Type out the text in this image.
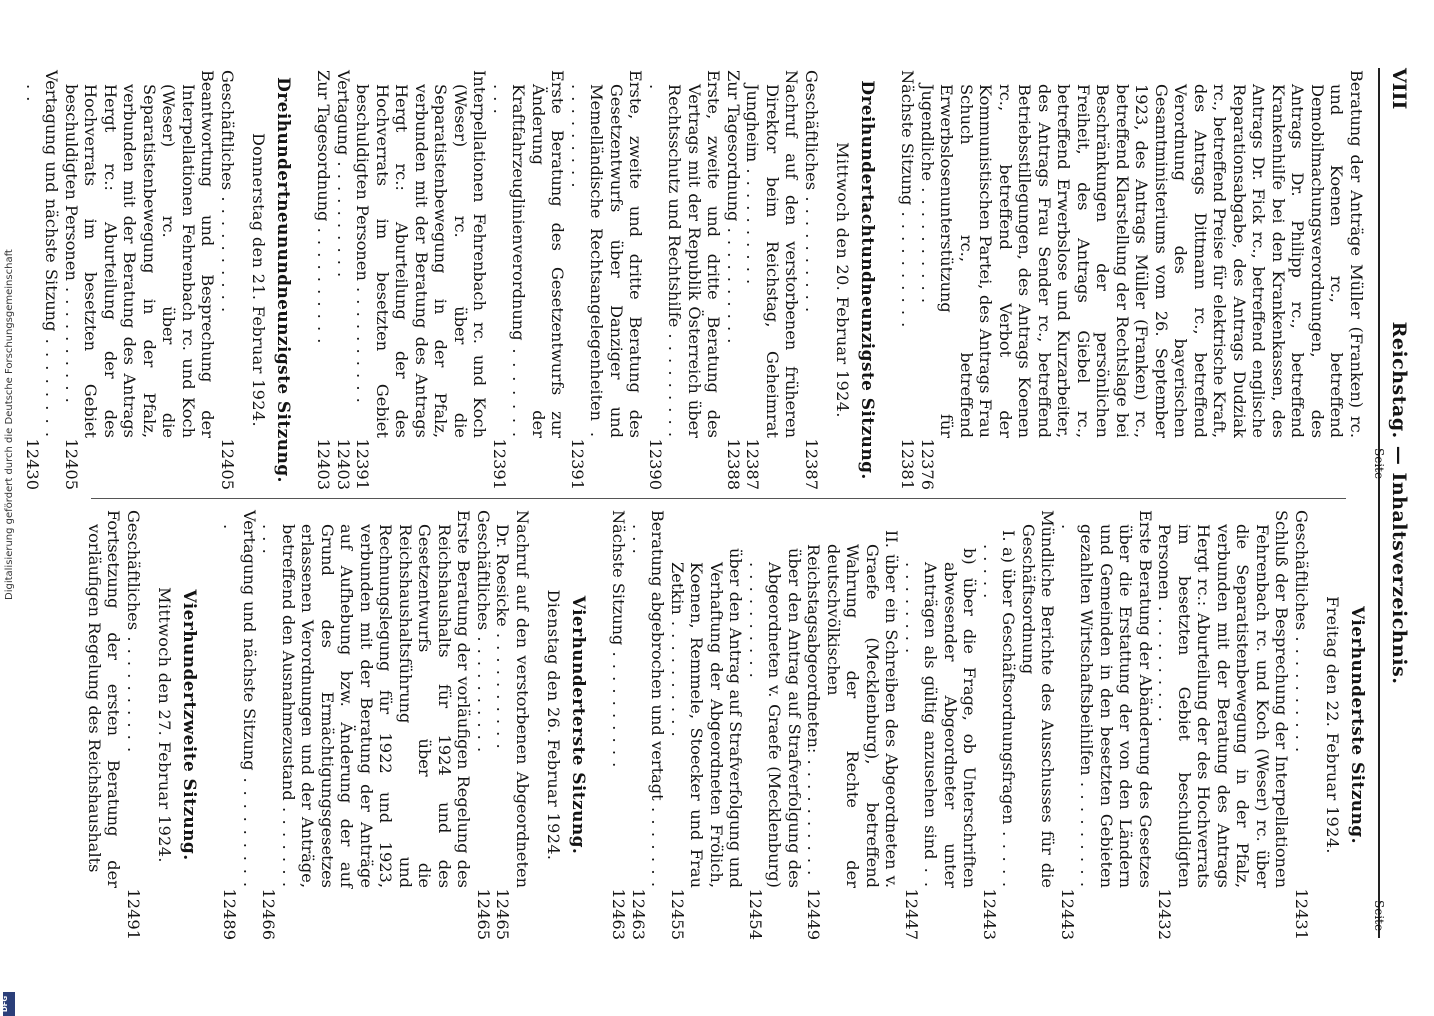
VIII
Reichstag. — Inhaltsverzeichnis.
Seite
Seite
Beratung der Anträge Müller (Franken) rc. und Koenen rc., betreffend Demobilmachungsverordnungen, des Antrags Dr. Philipp rc., betreffend Krankenhilfe bei den Krankenkassen, des Antrags Dr. Fick rc., betreffend englische Reparationsabgabe, des Antrags Dudziak rc., betreffend Preise für elektrische Kraft, des Antrags Dittmann rc., betreffend Verordnung des bayerischen Gesamtministeriums vom 26. September 1923, des Antrags Müller (Franken) rc., betreffend Klarstellung der Rechtslage bei Beschränkungen der persönlichen Freiheit, des Antrags Giebel rc., betreffend Erwerbslose und Kurzarbeiter, des Antrags Frau Sender rc., betreffend Betriebsstillegungen, des Antrags Koenen rc., betreffend Verbot der Kommunistischen Partei, des Antrags Frau Schuch rc., betreffend Erwerbslosenunterstützung für Jugendliche . . .
12376
Nächste Sitzung . . .
12381
Dreihundertachtundneunzigste Sitzung.
Mittwoch den 20. Februar 1924.
Geschäftliches . . .
12387
Nachruf auf den verstorbenen früheren Direktor beim Reichstag, Geheimrat Jungheim . . .
12387
Zur Tagesordnung . . .
12388
Erste, zweite und dritte Beratung des Vertrags mit der Republik Österreich über Rechtsschutz und Rechtshilfe . . .
12390
Erste, zweite und dritte Beratung des Gesetzentwurfs über Danziger und Memelländische Rechtsangelegenheiten . . .
12391
Erste Beratung des Gesetzentwurfs zur Änderung der Kraftfahrzeuglinienverordnung . . .
12391
Interpellationen Fehrenbach rc. und Koch (Weser) rc. über die Separatistenbewegung in der Pfalz, verbunden mit der Beratung des Antrags Hergt rc.: Aburteilung der des Hochverrats im besetzten Gebiet beschuldigten Personen . . .
12391
Vertagung . . .
12403
Zur Tagesordnung . . .
12403
Dreihundertneunundneunzigste Sitzung.
Donnerstag den 21. Februar 1924.
Geschäftliches . . .
12405
Beantwortung und Besprechung der Interpellationen Fehrenbach rc. und Koch (Weser) rc. über die Separatistenbewegung in der Pfalz, verbunden mit der Beratung des Antrags Hergt rc.: Aburteilung der des Hochverrats im besetzten Gebiet beschuldigten Personen . . .
12405
Vertagung und nächste Sitzung . . .
12430
Vierhundertste Sitzung.
Freitag den 22. Februar 1924.
Geschäftliches . . .
12431
Schluß der Besprechung der Interpellationen Fehrenbach rc. und Koch (Weser) rc. über die Separatistenbewegung in der Pfalz, verbunden mit der Beratung des Antrags Hergt rc.: Aburteilung der des Hochverrats im besetzten Gebiet beschuldigten Personen . . .
12432
Erste Beratung der Abänderung des Gesetzes über die Erstattung der von den Ländern und Gemeinden in den besetzten Gebieten gezahlten Wirtschaftsbeihilfen . . .
12443
Mündliche Berichte des Ausschusses für die Geschäftsordnung
I. a) über Geschäftsordnungsfragen . . .
12443
b) über die Frage, ob Unterschriften abwesender Abgeordneter unter Anträgen als gültig anzusehen sind . . .
12447
II. über ein Schreiben des Abgeordneten v. Graefe (Mecklenburg), betreffend Wahrung der Rechte der deutschvölkischen Reichstagsabgeordneten: . . .
12449
über den Antrag auf Strafverfolgung des Abgeordneten v. Graefe (Mecklenburg) . . .
12454
über den Antrag auf Strafverfolgung und Verhaftung der Abgeordneten Frölich, Koenen, Remmele, Stoecker und Frau Zetkin . . .
12455
Beratung abgebrochen und vertagt . . .
12463
Nächste Sitzung . . .
12463
Vierhunderterste Sitzung.
Dienstag den 26. Februar 1924.
Nachruf auf den verstorbenen Abgeordneten Dr. Roesicke . . .
12465
Geschäftliches . . .
12465
Erste Beratung der vorläufigen Regelung des Reichshaushalts für 1924 und des Gesetzentwurfs über die Reichshaushaltsführung und Rechnungslegung für 1922 und 1923, verbunden mit der Beratung der Anträge auf Aufhebung bzw. Änderung der auf Grund des Ermächtigungsgesetzes erlassenen Verordnungen und der Anträge, betreffend den Ausnahmezustand . . .
12466
Vertagung und nächste Sitzung . . .
12489
Vierhundertzweite Sitzung.
Mittwoch den 27. Februar 1924.
Geschäftliches . . .
12491
Fortsetzung der ersten Beratung der vorläufigen Regelung des Reichshaushalts
Digitalisierung gefördert durch die Deutsche Forschungsgemeinschaft
DFG
